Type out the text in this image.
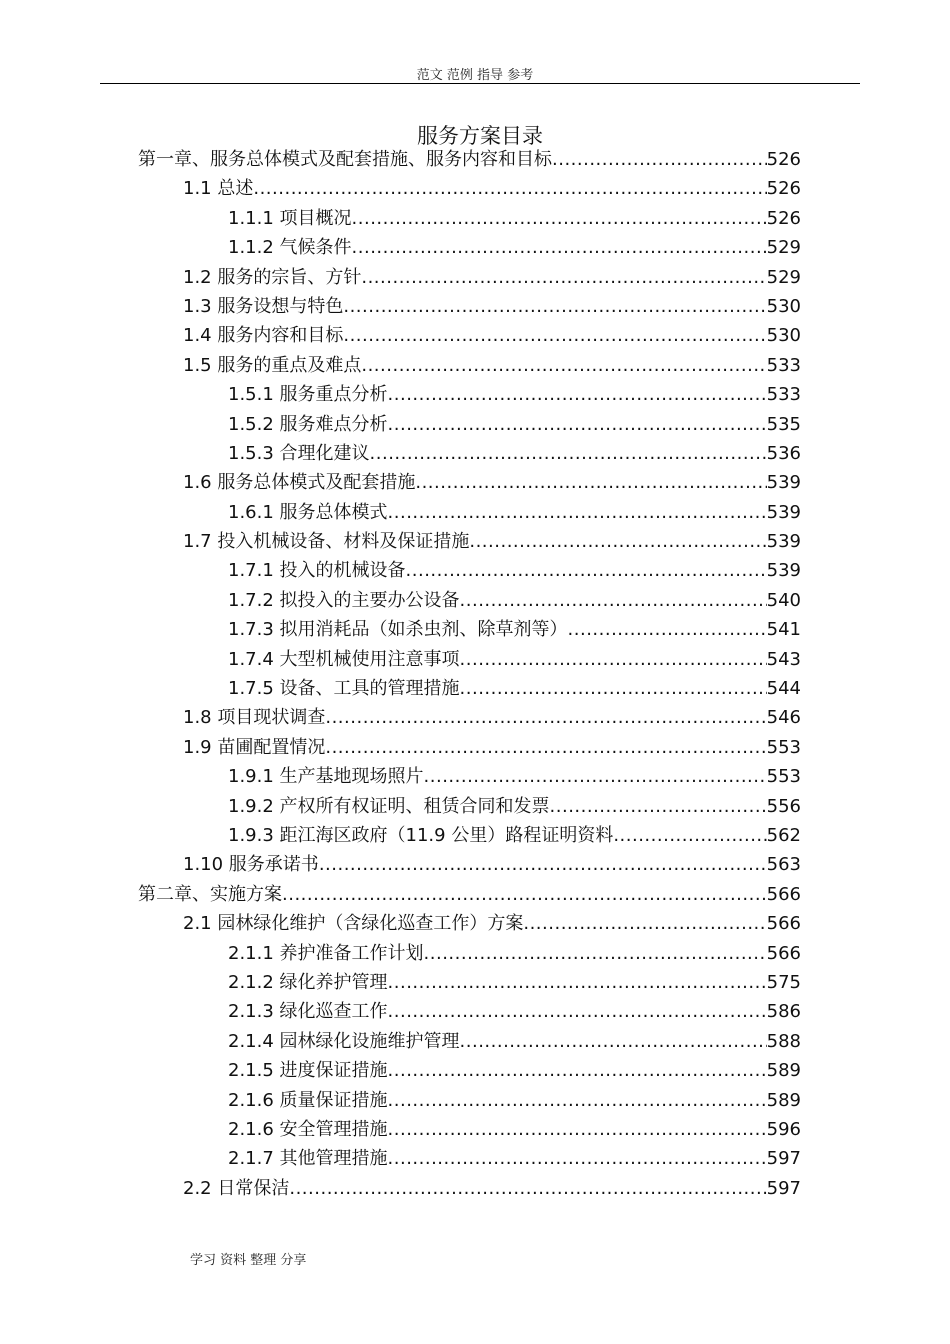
范文 范例 指导 参考
服务方案目录
第一章、服务总体模式及配套措施、服务内容和目标 .....	526
1.1 总述 .....	526
1.1.1 项目概况 .....	526
1.1.2 气候条件 .....	529
1.2 服务的宗旨、方针 .....	529
1.3 服务设想与特色 .....	530
1.4 服务内容和目标 .....	530
1.5 服务的重点及难点 .....	533
1.5.1 服务重点分析 .....	533
1.5.2 服务难点分析 .....	535
1.5.3 合理化建议 .....	536
1.6 服务总体模式及配套措施 .....	539
1.6.1 服务总体模式 .....	539
1.7 投入机械设备、材料及保证措施 .....	539
1.7.1 投入的机械设备 .....	539
1.7.2 拟投入的主要办公设备 .....	540
1.7.3 拟用消耗品（如杀虫剂、除草剂等） .....	541
1.7.4 大型机械使用注意事项 .....	543
1.7.5 设备、工具的管理措施 .....	544
1.8 项目现状调查 .....	546
1.9 苗圃配置情况 .....	553
1.9.1 生产基地现场照片 .....	553
1.9.2 产权所有权证明、租赁合同和发票 .....	556
1.9.3 距江海区政府（11.9 公里）路程证明资料 .....	562
1.10 服务承诺书 .....	563
第二章、实施方案 .....	566
2.1 园林绿化维护（含绿化巡查工作）方案 .....	566
2.1.1 养护准备工作计划 .....	566
2.1.2 绿化养护管理 .....	575
2.1.3 绿化巡查工作 .....	586
2.1.4 园林绿化设施维护管理 .....	588
2.1.5 进度保证措施 .....	589
2.1.6 质量保证措施 .....	589
2.1.6 安全管理措施 .....	596
2.1.7 其他管理措施 .....	597
2.2 日常保洁 .....	597
学习 资料 整理 分享
